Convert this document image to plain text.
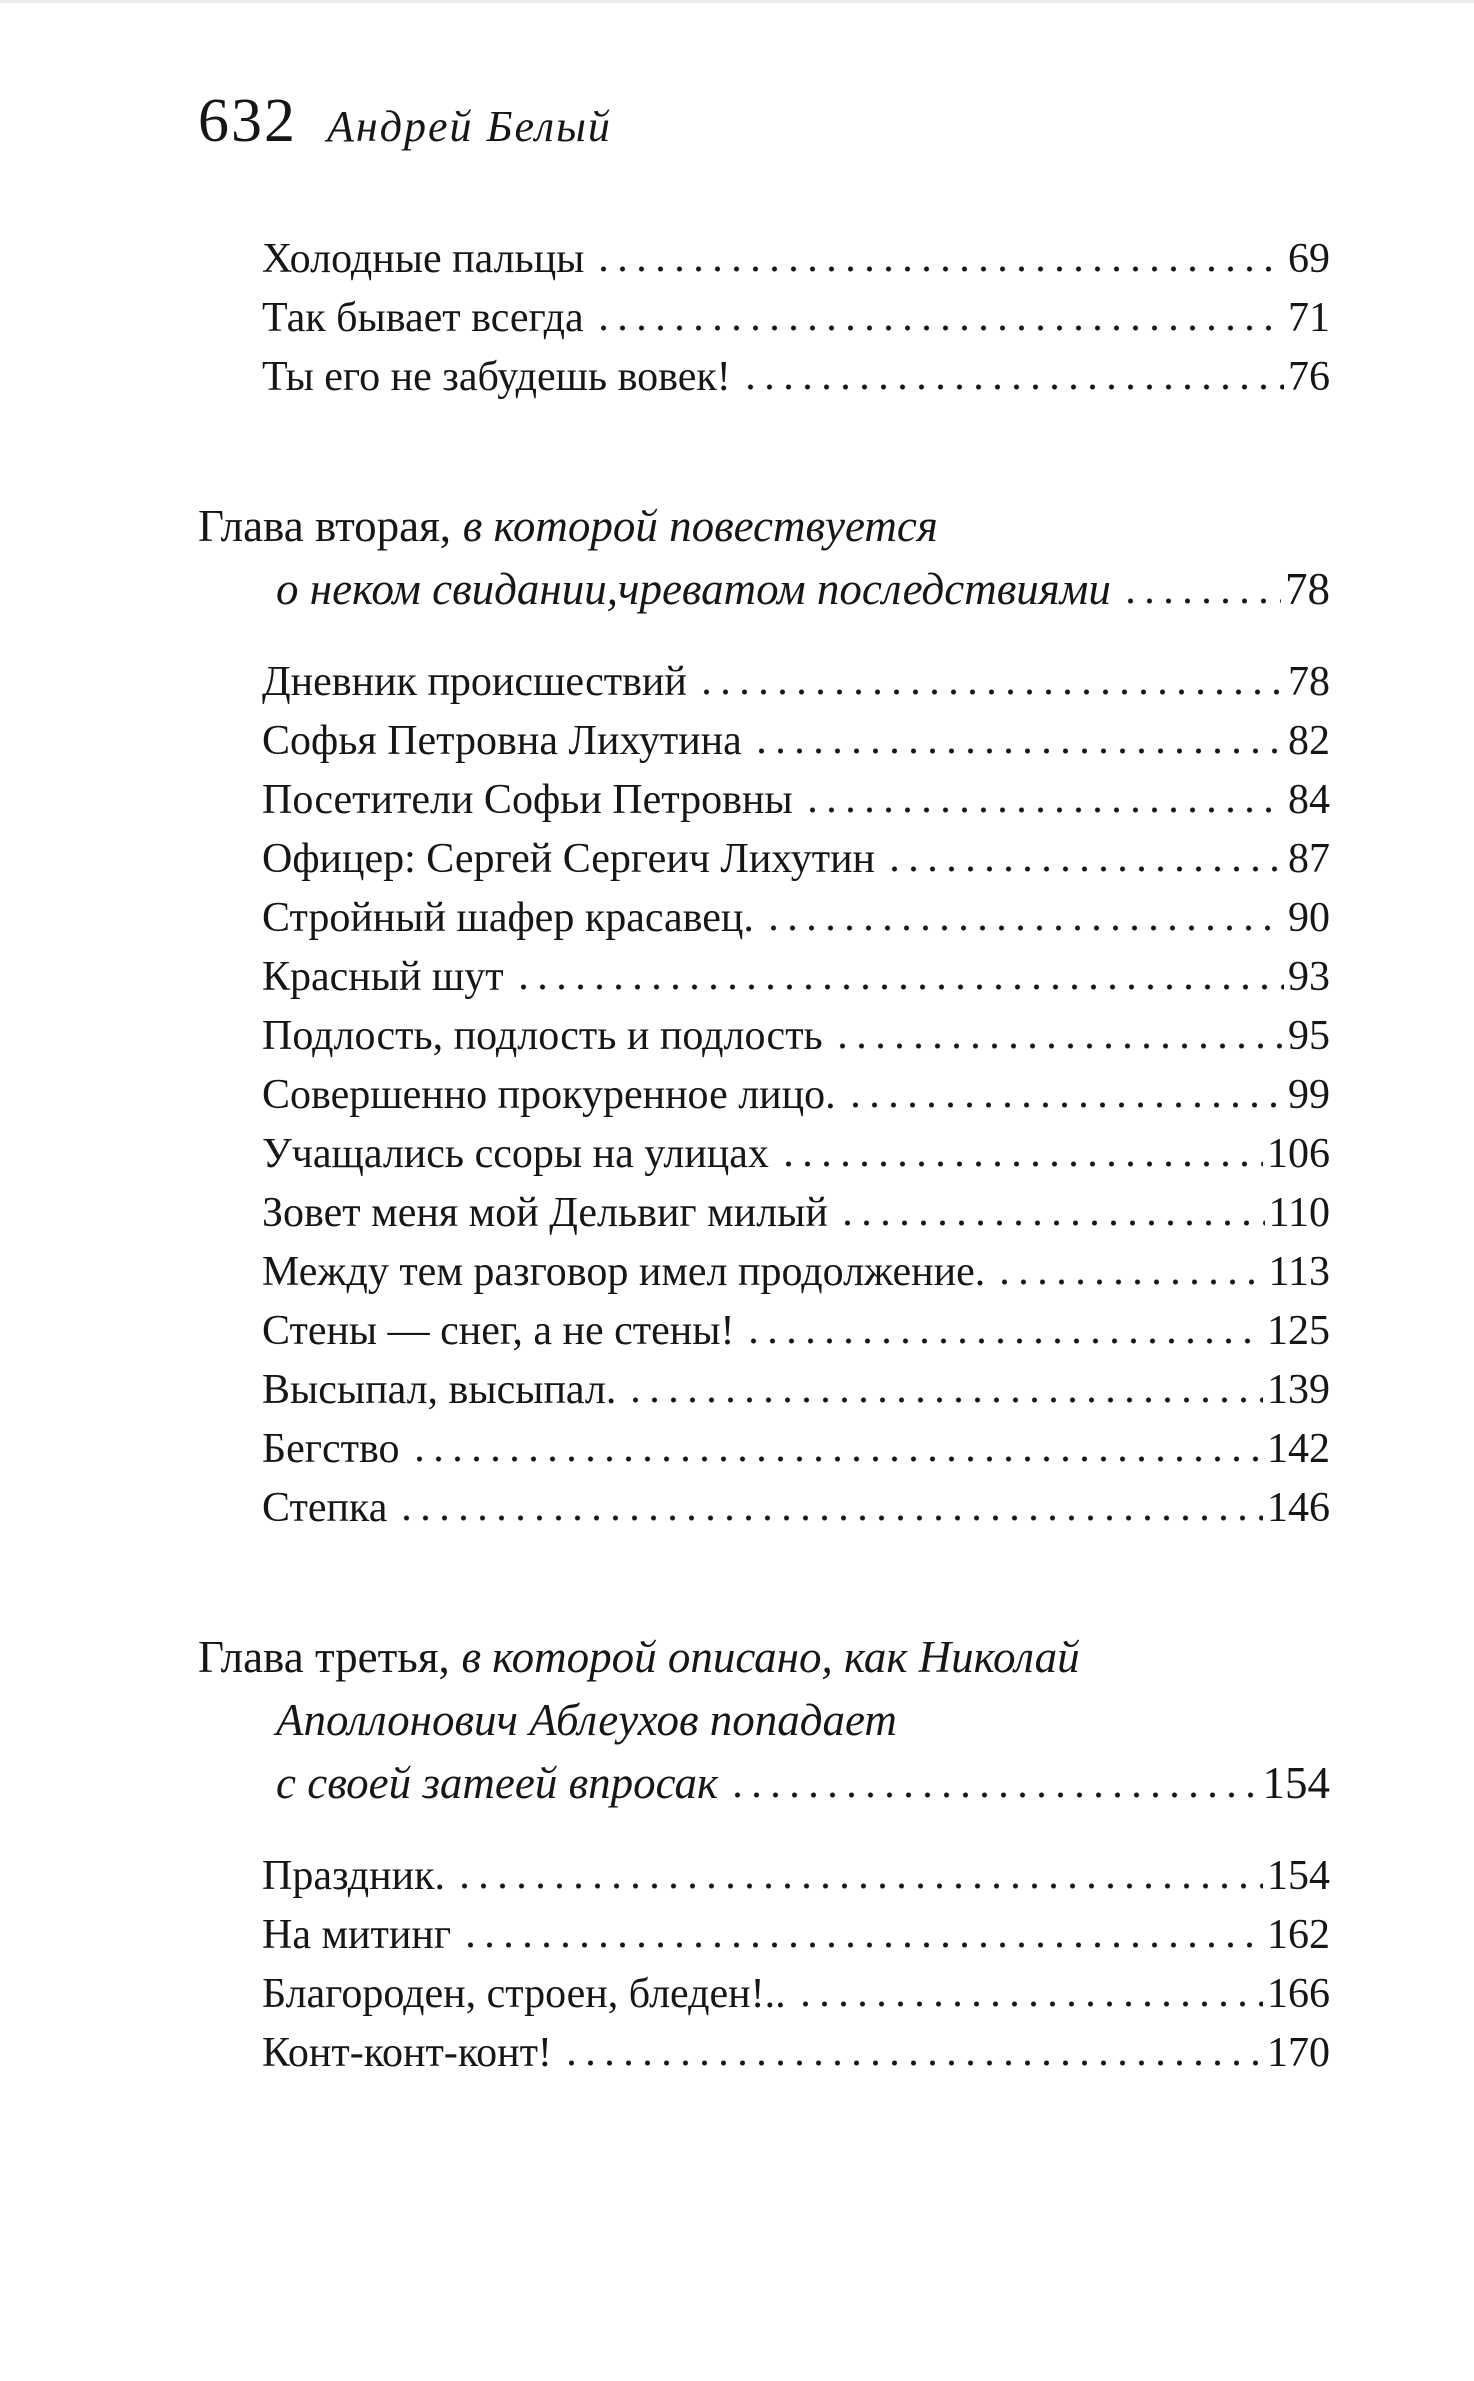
632 Андрей Белый
Холодные пальцы	69
Так бывает всегда	71
Ты его не забудешь вовек!	76
Глава вторая, в которой повествуется
о неком свидании,чреватом последствиями	78
Дневник происшествий	78
Софья Петровна Лихутина	82
Посетители Софьи Петровны	84
Офицер: Сергей Сергеич Лихутин	87
Стройный шафер красавец.	90
Красный шут	93
Подлость, подлость и подлость	95
Совершенно прокуренное лицо.	99
Учащались ссоры на улицах	106
Зовет меня мой Дельвиг милый	110
Между тем разговор имел продолжение.	113
Стены — снег, а не стены!	125
Высыпал, высыпал.	139
Бегство	142
Степка	146
Глава третья, в которой описано, как Николай
Аполлонович Аблеухов попадает
с своей затеей впросак	154
Праздник.	154
На митинг	162
Благороден, строен, бледен!..	166
Конт-конт-конт!	170
